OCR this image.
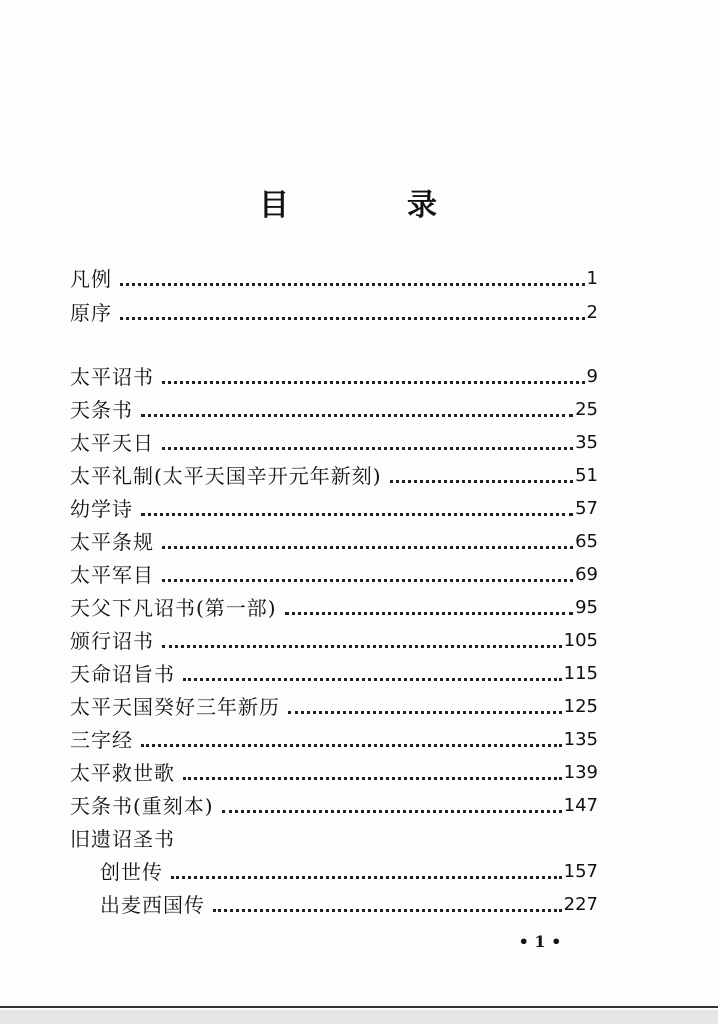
目　录
凡例	1
原序	2
太平诏书	9
天条书	25
太平天日	35
太平礼制(太平天国辛开元年新刻)	51
幼学诗	57
太平条规	65
太平军目	69
天父下凡诏书(第一部)	95
颁行诏书	105
天命诏旨书	115
太平天国癸好三年新历	125
三字经	135
太平救世歌	139
天条书(重刻本)	147
旧遗诏圣书
创世传	157
出麦西国传	227
• 1 •
